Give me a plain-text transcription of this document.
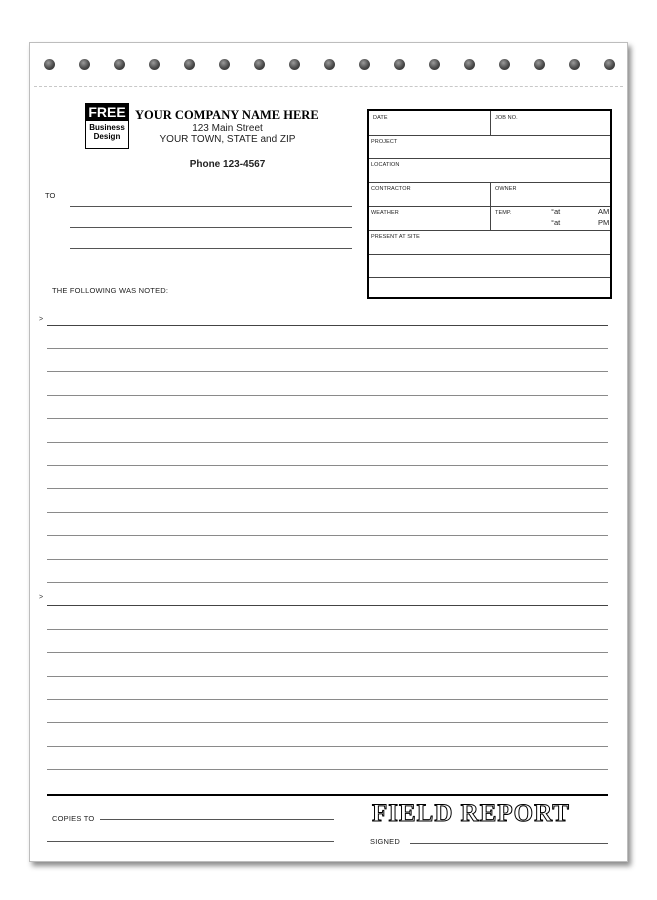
FREE
Business
Design
YOUR COMPANY NAME HERE
123 Main Street
YOUR TOWN, STATE and ZIP
Phone 123-4567
TO
DATE	JOB NO.
PROJECT
LOCATION
CONTRACTOR	OWNER
WEATHER	TEMP.	°at	AM
°at	PM
PRESENT AT SITE
THE FOLLOWING WAS NOTED:
>
>
COPIES TO	FIELD REPORT
SIGNED
